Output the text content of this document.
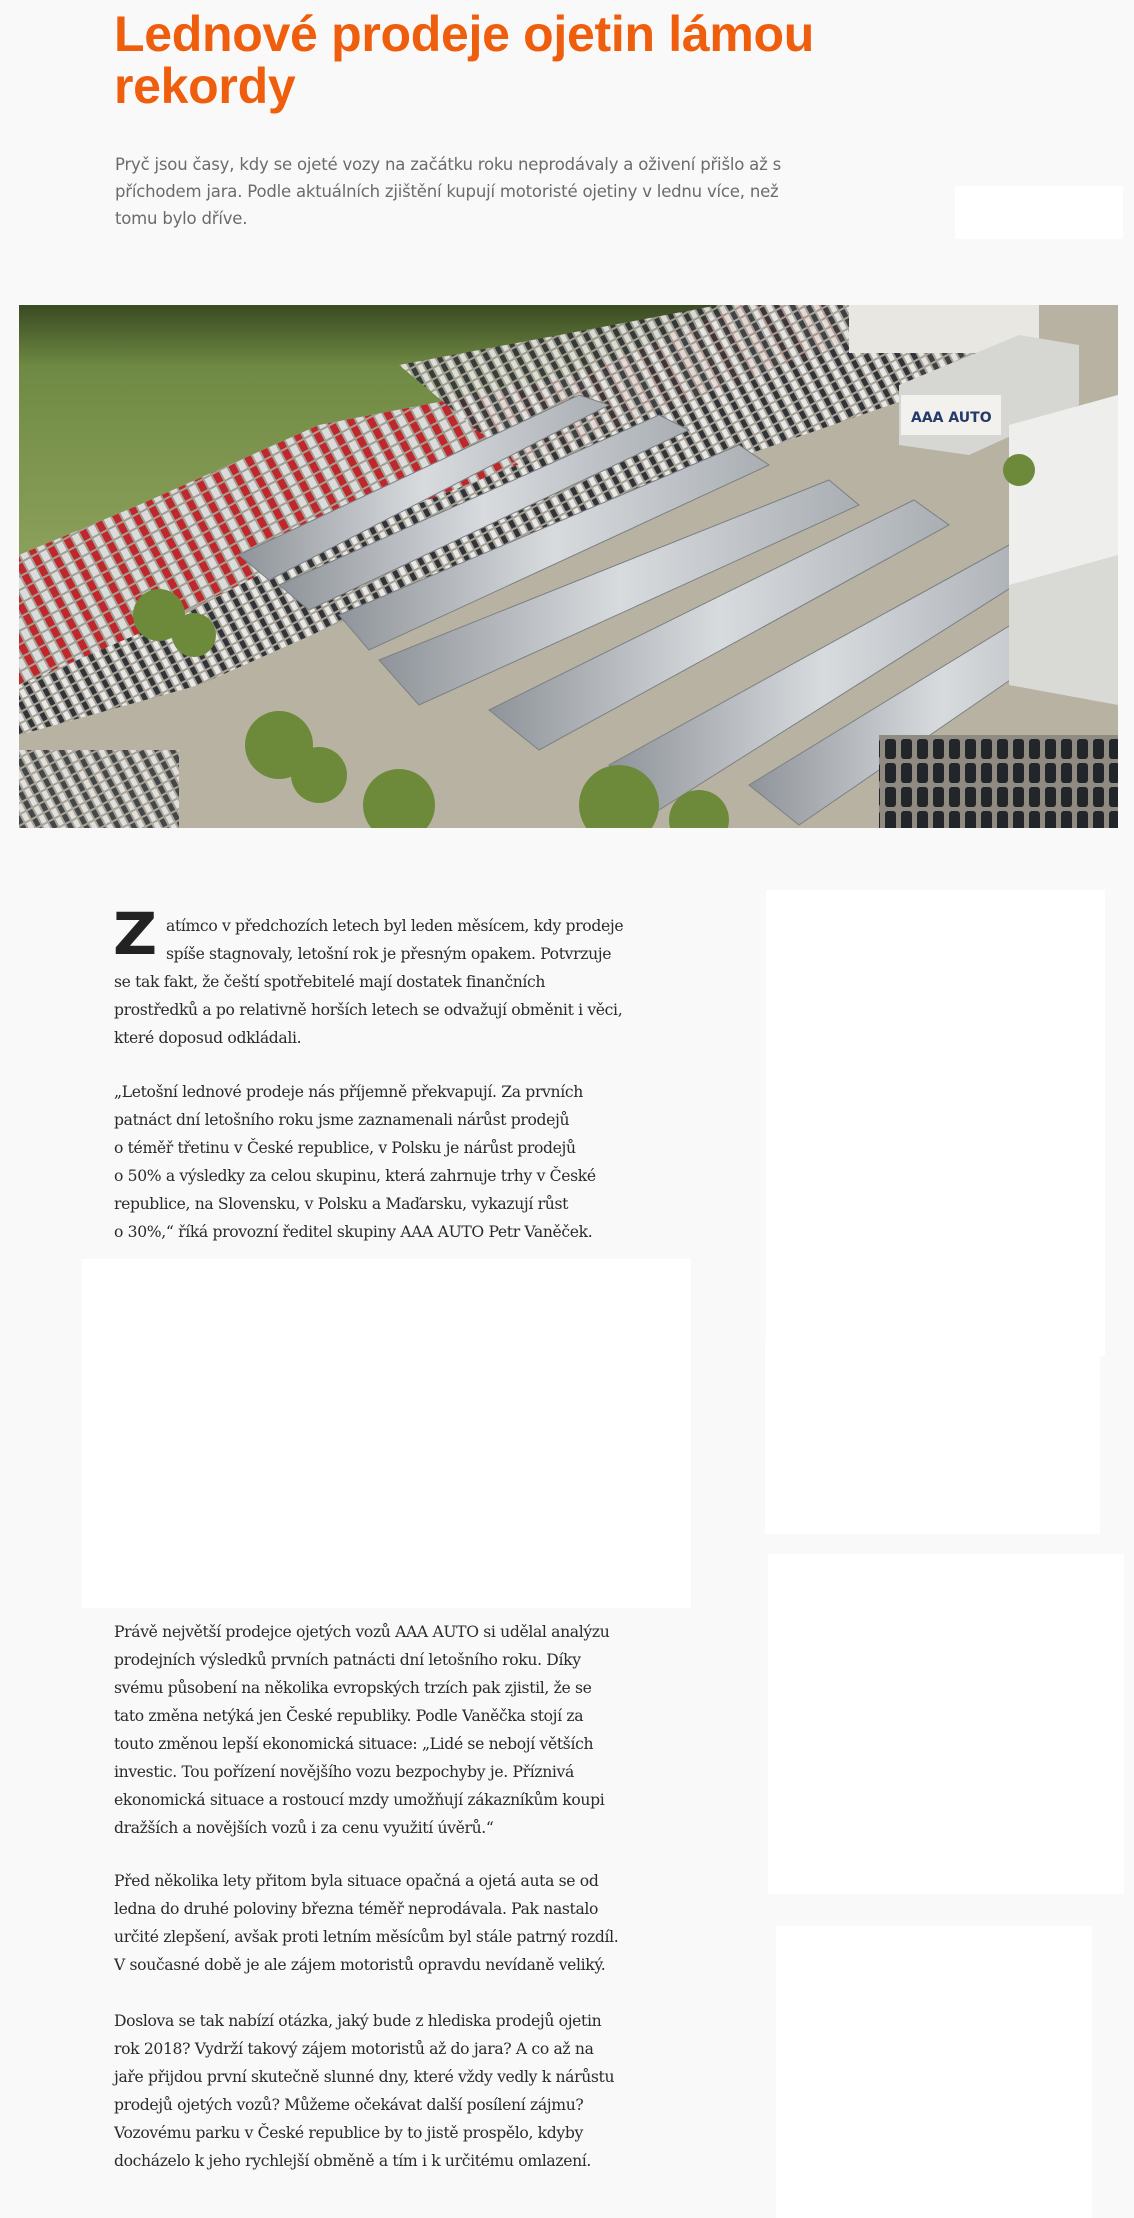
Lednové prodeje ojetin lámou
rekordy

Pryč jsou časy, kdy se ojeté vozy na začátku roku neprodávaly a oživení přišlo až s
příchodem jara. Podle aktuálních zjištění kupují motoristé ojetiny v lednu více, než
tomu bylo dříve.

AAA AUTO
Z atímco v předchozích letech byl leden měsícem, kdy prodeje
spíše stagnovaly, letošní rok je přesným opakem. Potvrzuje
se tak fakt, že čeští spotřebitelé mají dostatek finančních
prostředků a po relativně horších letech se odvažují obměnit i věci,
které doposud odkládali.

„Letošní lednové prodeje nás příjemně překvapují. Za prvních
patnáct dní letošního roku jsme zaznamenali nárůst prodejů
o téměř třetinu v České republice, v Polsku je nárůst prodejů
o 50% a výsledky za celou skupinu, která zahrnuje trhy v České
republice, na Slovensku, v Polsku a Maďarsku, vykazují růst
o 30%,“ říká provozní ředitel skupiny AAA AUTO Petr Vaněček.

Právě největší prodejce ojetých vozů AAA AUTO si udělal analýzu
prodejních výsledků prvních patnácti dní letošního roku. Díky
svému působení na několika evropských trzích pak zjistil, že se
tato změna netýká jen České republiky. Podle Vaněčka stojí za
touto změnou lepší ekonomická situace: „Lidé se nebojí větších
investic. Tou pořízení novějšího vozu bezpochyby je. Příznivá
ekonomická situace a rostoucí mzdy umožňují zákazníkům koupi
dražších a novějších vozů i za cenu využití úvěrů.“

Před několika lety přitom byla situace opačná a ojetá auta se od
ledna do druhé poloviny března téměř neprodávala. Pak nastalo
určité zlepšení, avšak proti letním měsícům byl stále patrný rozdíl.
V současné době je ale zájem motoristů opravdu nevídaně veliký.

Doslova se tak nabízí otázka, jaký bude z hlediska prodejů ojetin
rok 2018? Vydrží takový zájem motoristů až do jara? A co až na
jaře přijdou první skutečně slunné dny, které vždy vedly k nárůstu
prodejů ojetých vozů? Můžeme očekávat další posílení zájmu?
Vozovému parku v České republice by to jistě prospělo, kdyby
docházelo k jeho rychlejší obměně a tím i k určitému omlazení.
